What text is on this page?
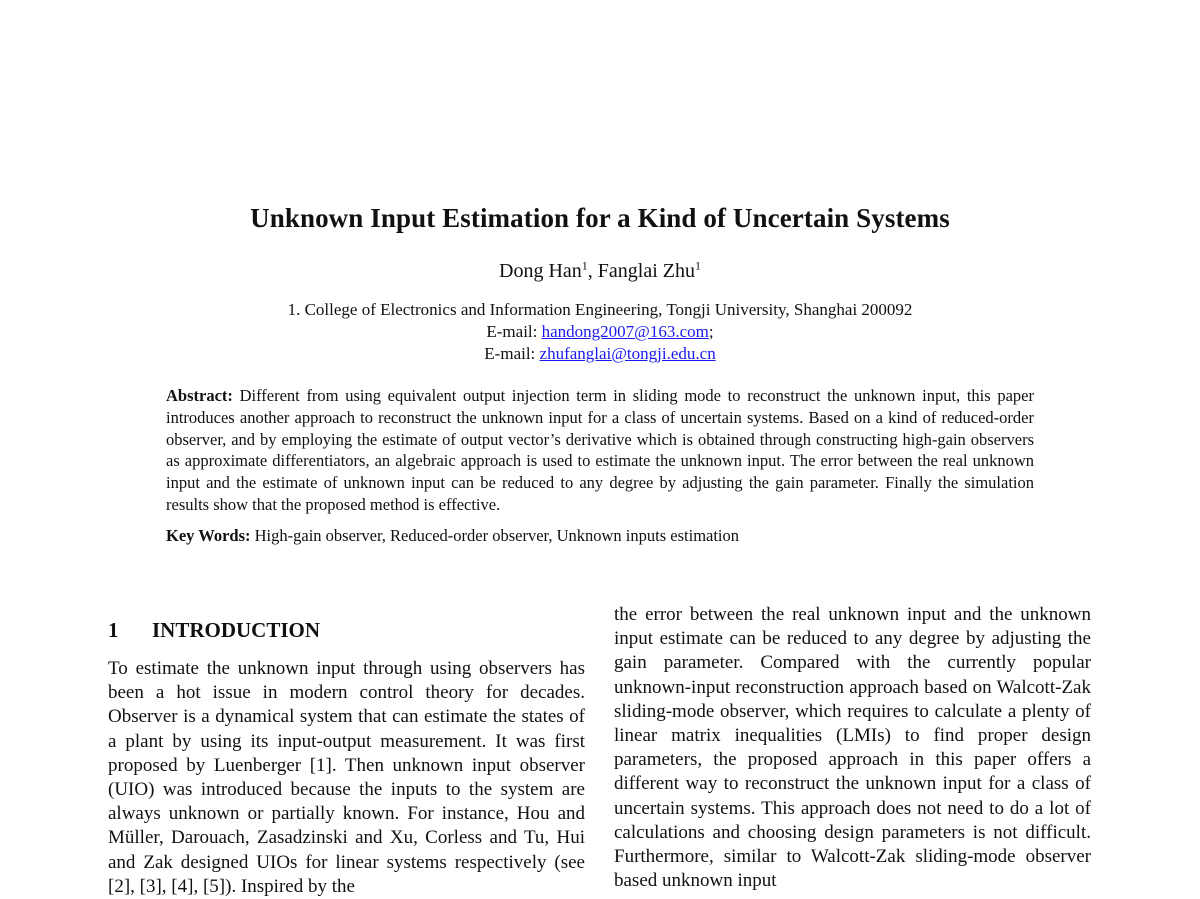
Unknown Input Estimation for a Kind of Uncertain Systems
Dong Han$^1$, Fanglai Zhu$^1$
1. College of Electronics and Information Engineering, Tongji University, Shanghai 200092
E-mail: handong2007@163.com;
E-mail: zhufanglai@tongji.edu.cn
Abstract: Different from using equivalent output injection term in sliding mode to reconstruct the unknown input, this paper introduces another approach to reconstruct the unknown input for a class of uncertain systems. Based on a kind of reduced-order observer, and by employing the estimate of output vector’s derivative which is obtained through constructing high-gain observers as approximate differentiators, an algebraic approach is used to estimate the unknown input. The error between the real unknown input and the estimate of unknown input can be reduced to any degree by adjusting the gain parameter. Finally the simulation results show that the proposed method is effective.
Key Words: High-gain observer, Reduced-order observer, Unknown inputs estimation
1 INTRODUCTION
To estimate the unknown input through using observers has been a hot issue in modern control theory for decades. Observer is a dynamical system that can estimate the states of a plant by using its input-output measurement. It was first proposed by Luenberger [1]. Then unknown input observer (UIO) was introduced because the inputs to the system are always unknown or partially known. For instance, Hou and Müller, Darouach, Zasadzinski and Xu, Corless and Tu, Hui and Zak designed UIOs for linear systems respectively (see [2], [3], [4], [5]). Inspired by the
the error between the real unknown input and the unknown input estimate can be reduced to any degree by adjusting the gain parameter. Compared with the currently popular unknown-input reconstruction approach based on Walcott-Zak sliding-mode observer, which requires to calculate a plenty of linear matrix inequalities (LMIs) to find proper design parameters, the proposed approach in this paper offers a different way to reconstruct the unknown input for a class of uncertain systems. This approach does not need to do a lot of calculations and choosing design parameters is not difficult. Furthermore, similar to Walcott-Zak sliding-mode observer based unknown input
